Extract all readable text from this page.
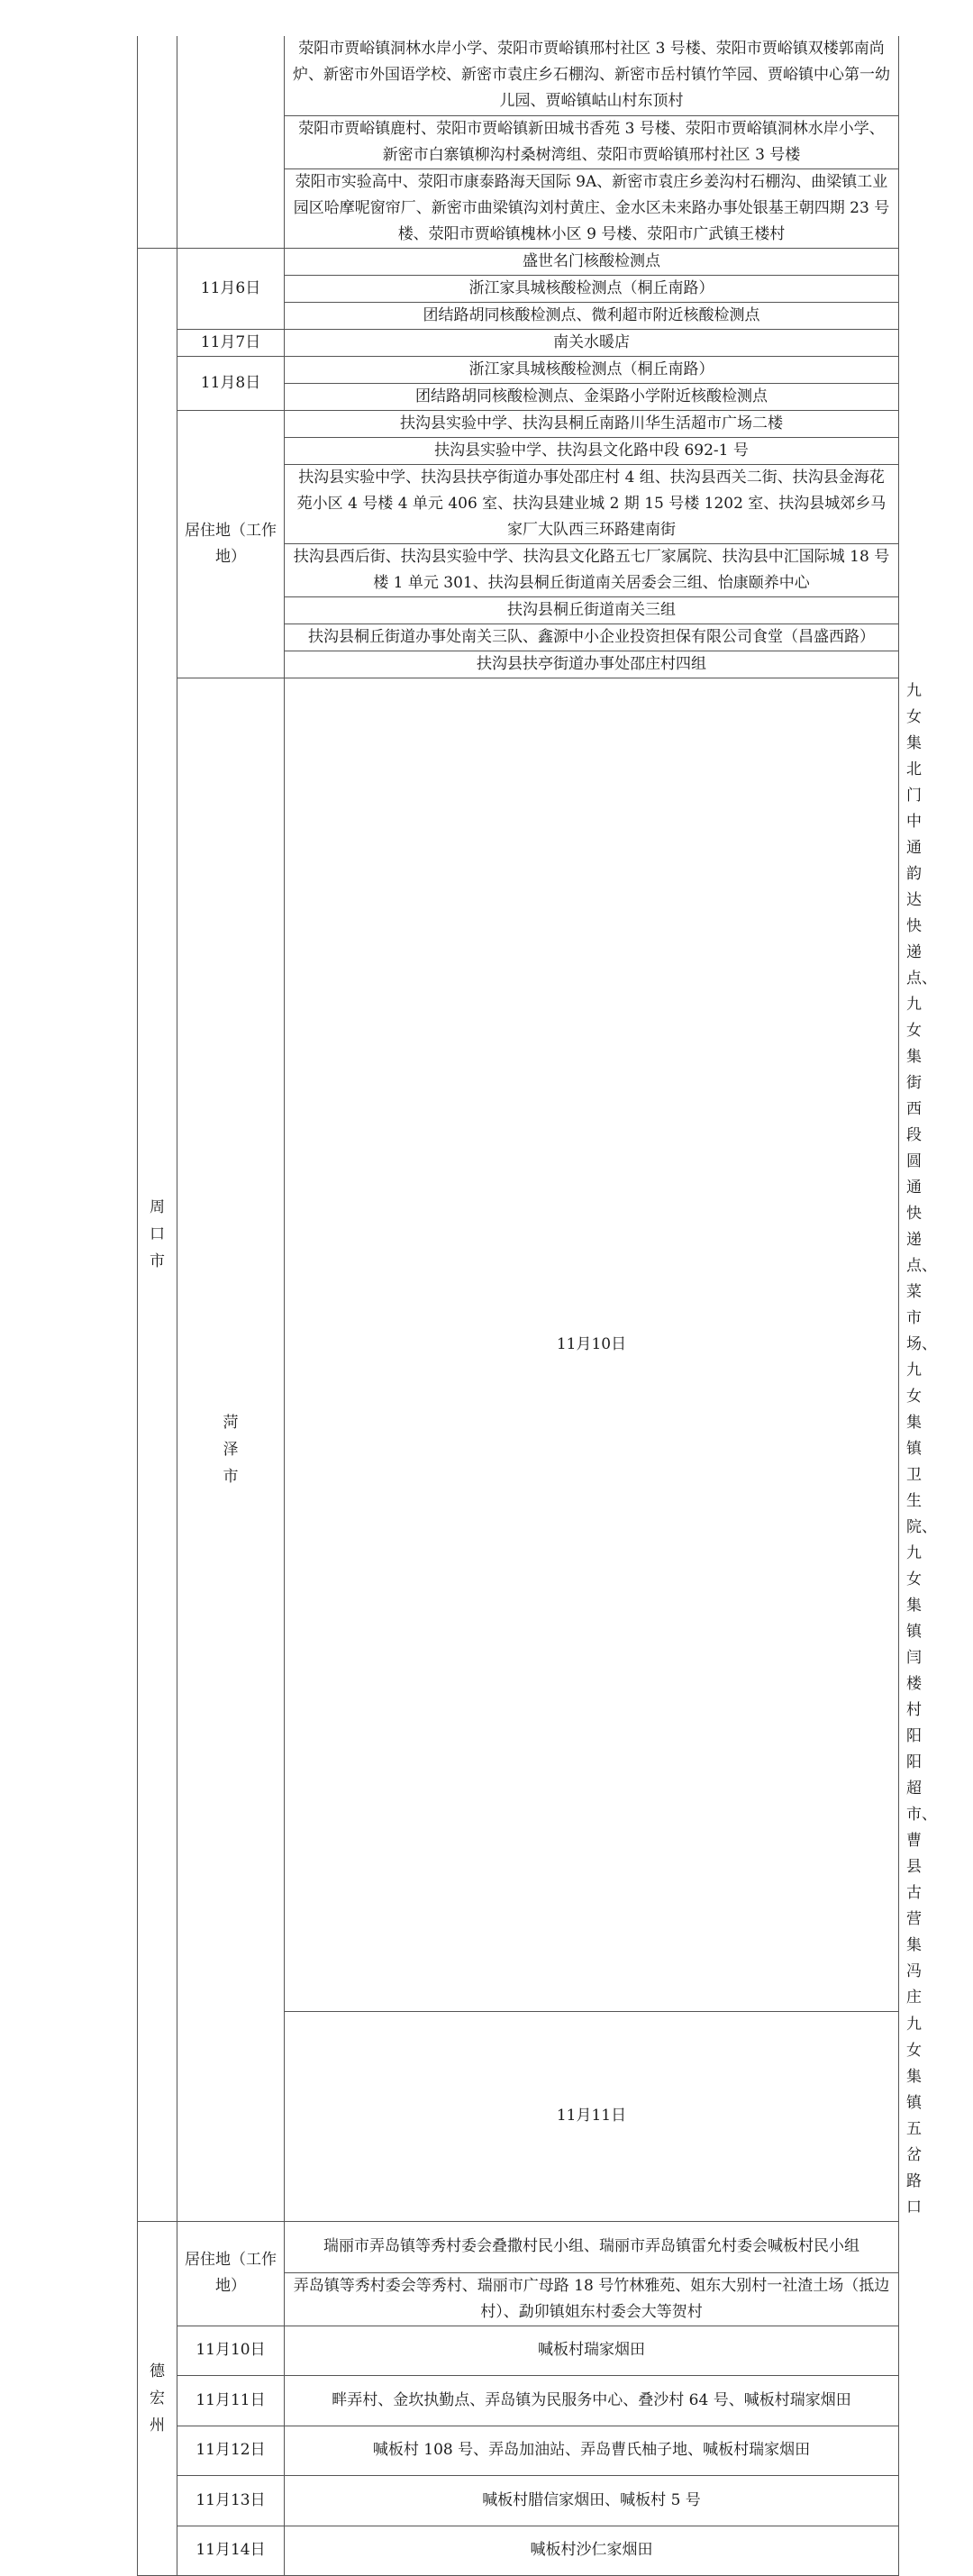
		荥阳市贾峪镇洞林水岸小学、荥阳市贾峪镇邢村社区 3 号楼、荥阳市贾峪镇双楼郭南尚炉、新密市外国语学校、新密市袁庄乡石棚沟、新密市岳村镇竹竿园、贾峪镇中心第一幼儿园、贾峪镇岵山村东顶村	
		荥阳市贾峪镇鹿村、荥阳市贾峪镇新田城书香苑 3 号楼、荥阳市贾峪镇洞林水岸小学、新密市白寨镇柳沟村桑树湾组、荥阳市贾峪镇邢村社区 3 号楼	
		荥阳市实验高中、荥阳市康泰路海天国际 9A、新密市袁庄乡姜沟村石棚沟、曲梁镇工业园区哈摩呢窗帘厂、新密市曲梁镇沟刘村黄庄、金水区未来路办事处银基王朝四期 23 号楼、荥阳市贾峪镇槐林小区 9 号楼、荥阳市广武镇王楼村	

周口市	11月6日	盛世名门核酸检测点	
		浙江家具城核酸检测点（桐丘南路）	
		团结路胡同核酸检测点、微利超市附近核酸检测点	
	11月7日	南关水暖店	
	11月8日	浙江家具城核酸检测点（桐丘南路）	
		团结路胡同核酸检测点、金渠路小学附近核酸检测点	
	居住地（工作地）	扶沟县实验中学、扶沟县桐丘南路川华生活超市广场二楼	
		扶沟县实验中学、扶沟县文化路中段 692-1 号	
		扶沟县实验中学、扶沟县扶亭街道办事处邵庄村 4 组、扶沟县西关二街、扶沟县金海花苑小区 4 号楼 4 单元 406 室、扶沟县建业城 2 期 15 号楼 1202 室、扶沟县城郊乡马家厂大队西三环路建南街	
		扶沟县西后街、扶沟县实验中学、扶沟县文化路五七厂家属院、扶沟县中汇国际城 18 号楼 1 单元 301、扶沟县桐丘街道南关居委会三组、怡康颐养中心	
		扶沟县桐丘街道南关三组	
		扶沟县桐丘街道办事处南关三队、鑫源中小企业投资担保有限公司食堂（昌盛西路）	
		扶沟县扶亭街道办事处邵庄村四组	

	菏泽市	11月10日	九女集北门中通韵达快递点、九女集街西段圆通快递点、菜市场、九女集镇卫生院、九女集镇闫楼村阳阳超市、曹县古营集冯庄
		11月11日	九女集镇五岔路口

德宏州	居住地（工作地）	瑞丽市弄岛镇等秀村委会叠撒村民小组、瑞丽市弄岛镇雷允村委会喊板村民小组	
		弄岛镇等秀村委会等秀村、瑞丽市广母路 18 号竹林雅苑、姐东大别村一社渣土场（抵边村）、勐卯镇姐东村委会大等贺村	
	11月10日	喊板村瑞家烟田	
	11月11日	畔弄村、金坎执勤点、弄岛镇为民服务中心、叠沙村 64 号、喊板村瑞家烟田	
	11月12日	喊板村 108 号、弄岛加油站、弄岛曹氏柚子地、喊板村瑞家烟田	
	11月13日	喊板村腊信家烟田、喊板村 5 号	
	11月14日	喊板村沙仁家烟田	
